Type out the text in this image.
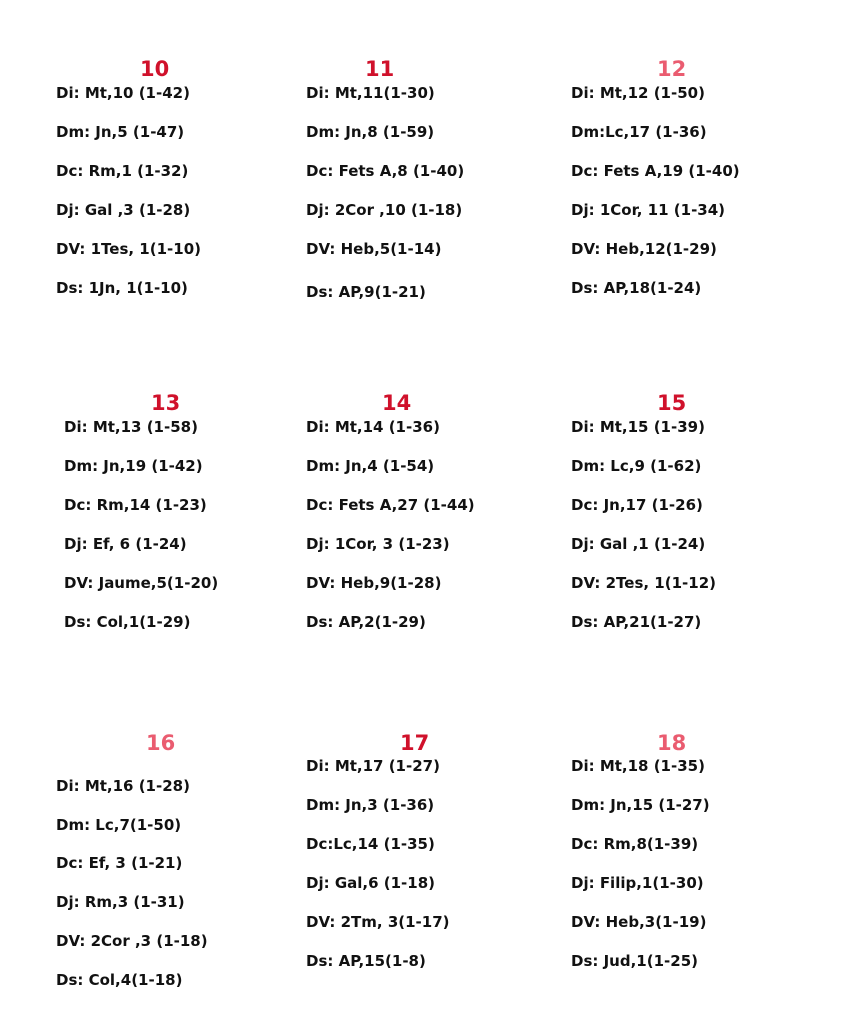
10
Di: Mt,10 (1-42)
Dm: Jn,5 (1-47)
Dc: Rm,1 (1-32)
Dj: Gal ,3 (1-28)
DV: 1Tes, 1(1-10)
Ds: 1Jn, 1(1-10)
11
Di: Mt,11(1-30)
Dm: Jn,8 (1-59)
Dc: Fets A,8 (1-40)
Dj: 2Cor ,10 (1-18)
DV: Heb,5(1-14)
Ds: AP,9(1-21)
12
Di: Mt,12 (1-50)
Dm:Lc,17 (1-36)
Dc: Fets A,19 (1-40)
Dj: 1Cor, 11 (1-34)
DV: Heb,12(1-29)
Ds: AP,18(1-24)
13
Di: Mt,13 (1-58)
Dm: Jn,19 (1-42)
Dc: Rm,14 (1-23)
Dj: Ef, 6 (1-24)
DV: Jaume,5(1-20)
Ds: Col,1(1-29)
14
Di: Mt,14 (1-36)
Dm: Jn,4 (1-54)
Dc: Fets A,27 (1-44)
Dj: 1Cor, 3 (1-23)
DV: Heb,9(1-28)
Ds: AP,2(1-29)
15
Di: Mt,15 (1-39)
Dm: Lc,9 (1-62)
Dc: Jn,17 (1-26)
Dj: Gal ,1 (1-24)
DV: 2Tes, 1(1-12)
Ds: AP,21(1-27)
16
Di: Mt,16 (1-28)
Dm: Lc,7(1-50)
Dc: Ef, 3 (1-21)
Dj: Rm,3 (1-31)
DV: 2Cor ,3 (1-18)
Ds: Col,4(1-18)
17
Di: Mt,17 (1-27)
Dm: Jn,3 (1-36)
Dc:Lc,14 (1-35)
Dj: Gal,6 (1-18)
DV: 2Tm, 3(1-17)
Ds: AP,15(1-8)
18
Di: Mt,18 (1-35)
Dm: Jn,15 (1-27)
Dc: Rm,8(1-39)
Dj: Filip,1(1-30)
DV: Heb,3(1-19)
Ds: Jud,1(1-25)
